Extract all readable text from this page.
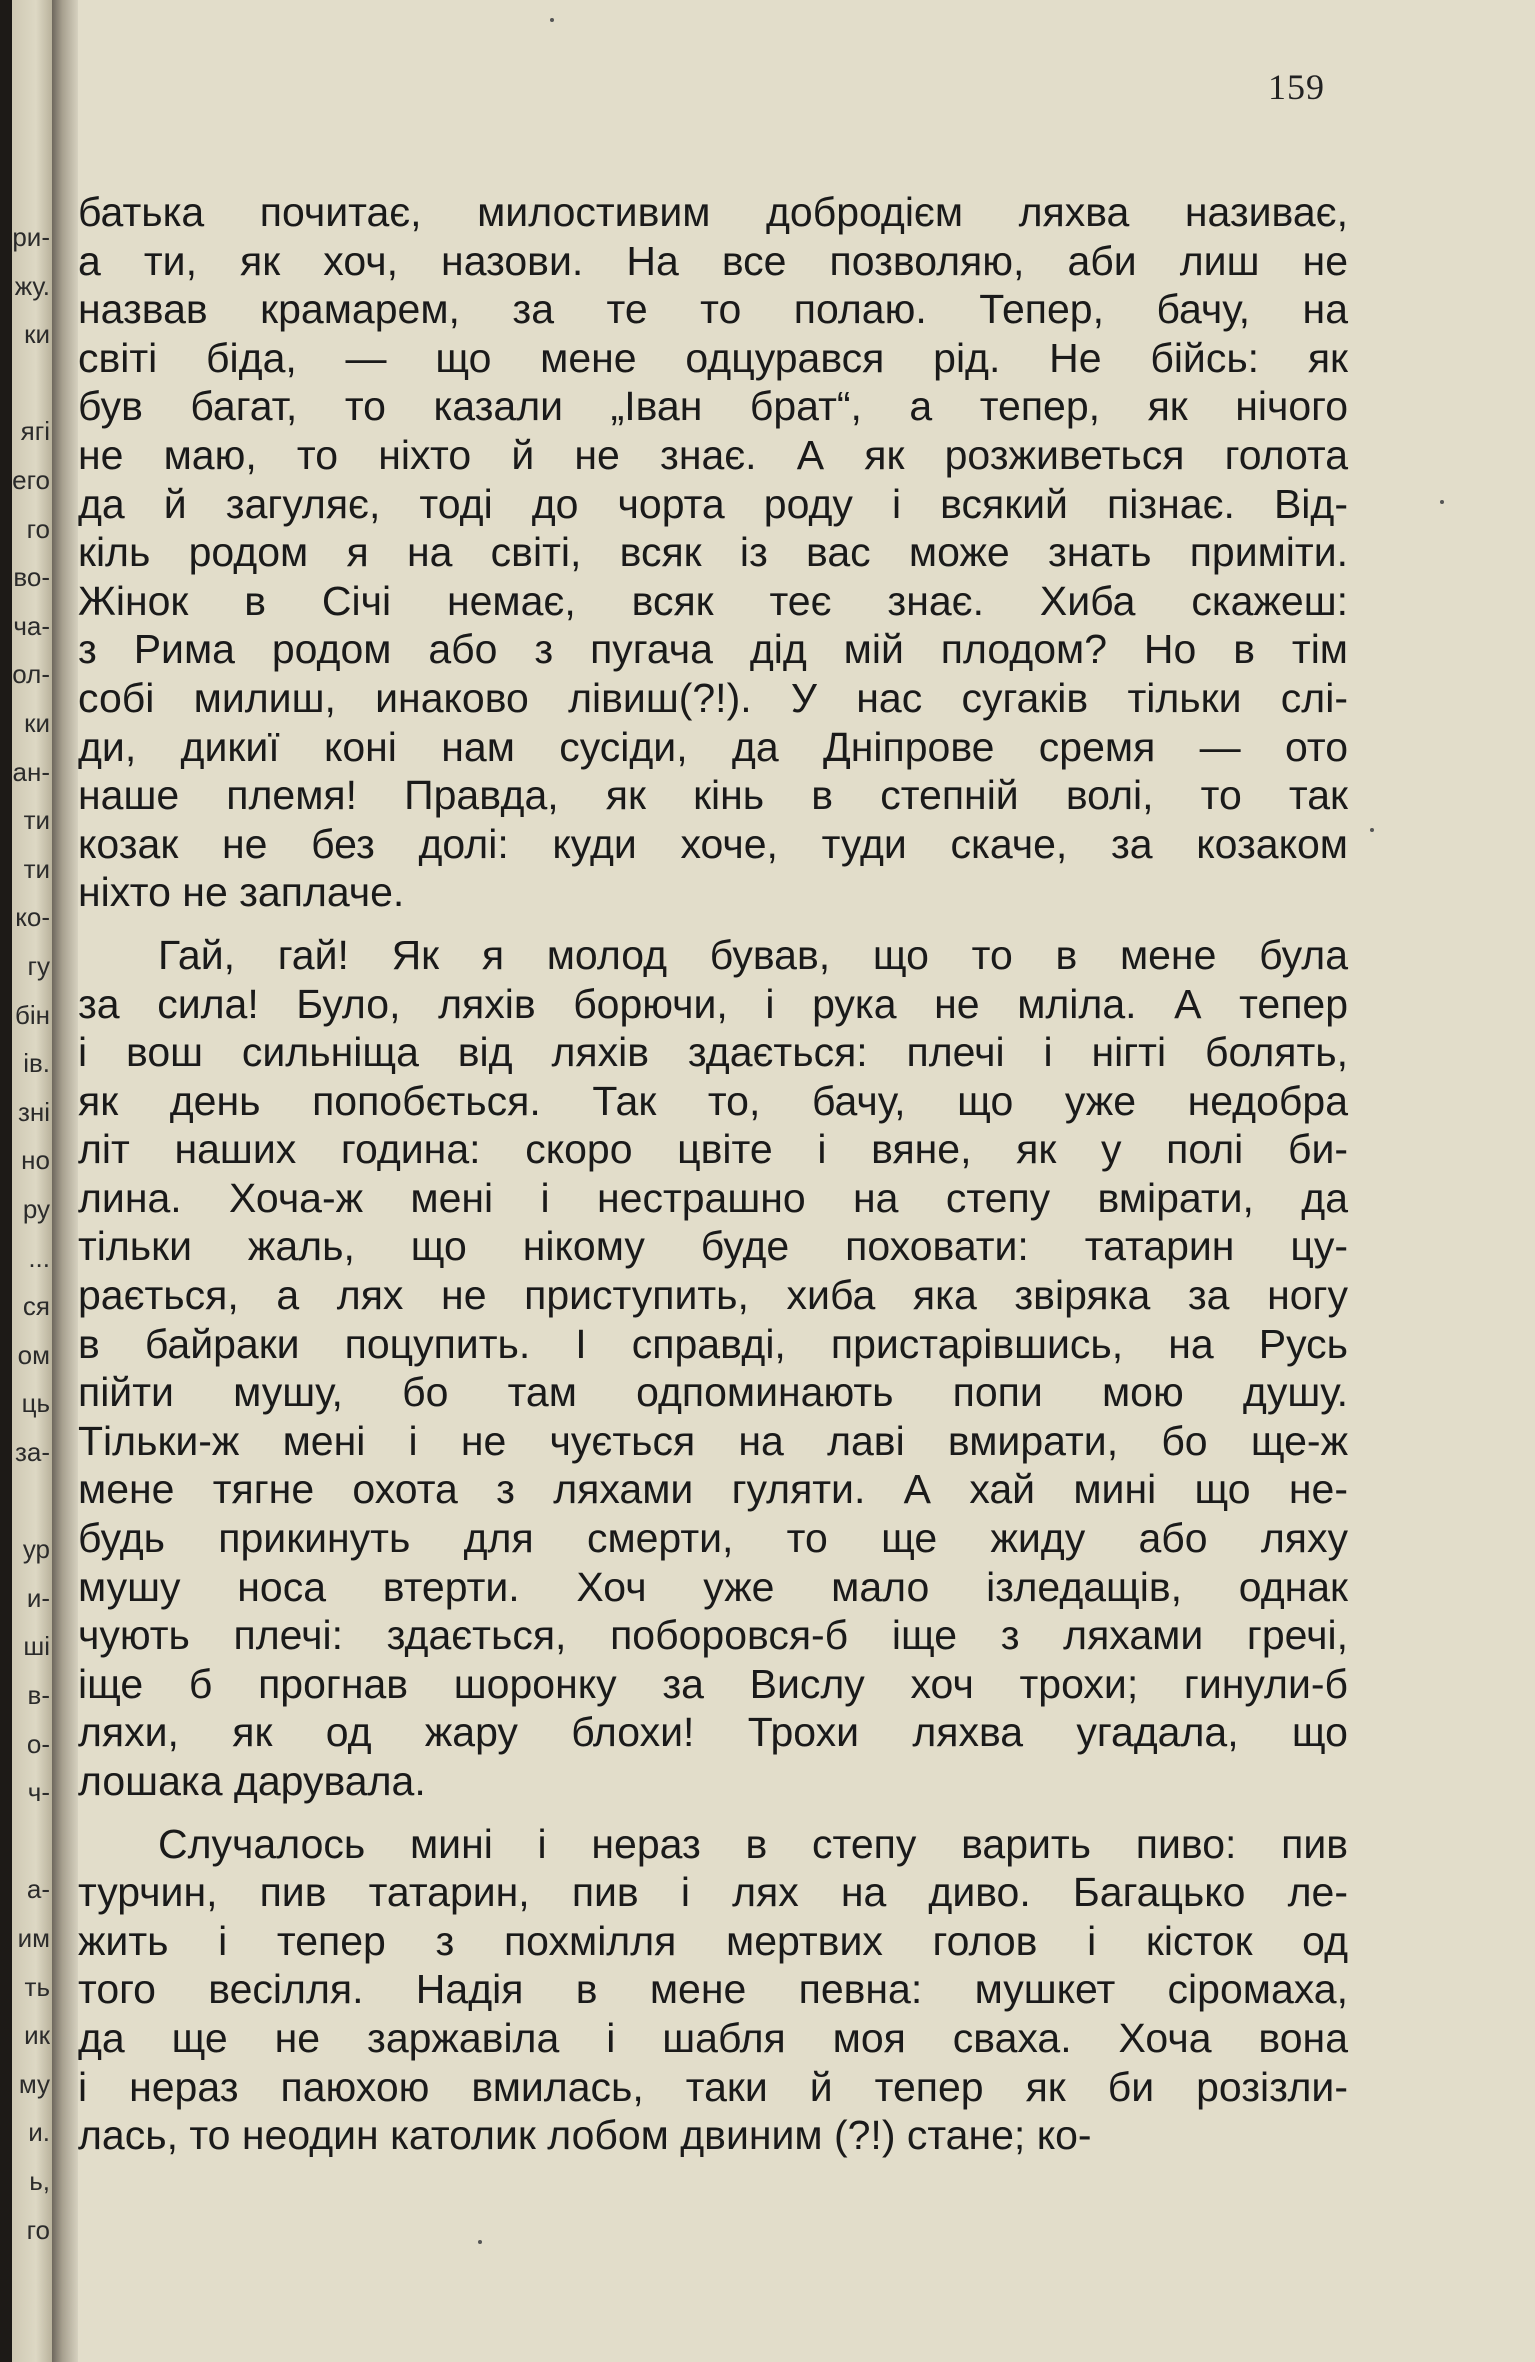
ри-
жу.
ки
ягі
его
го
во-
ча-
ол-
ки
ан-
ти
ти
ко-
гу
бін
ів.
зні
но
ру
...
ся
ом
ць
за-
ур
и-
ші
в-
о-
ч-
а-
им
ть
ик
му
и.
ь,
го
159
батька почитає, милостивим добродієм ляхва називає,
а ти, як хоч, назови. На все позволяю, аби лиш не
назвав крамарем, за те то полаю. Тепер, бачу, на
світі біда, — що мене одцурався рід. Не бійсь: як
був багат, то казали „Іван брат“, а тепер, як нічого
не маю, то ніхто й не знає. А як розживеться голота
да й загуляє, тоді до чорта роду і всякий пізнає. Від-
кіль родом я на світі, всяк із вас може знать приміти.
Жінок в Січі немає, всяк теє знає. Хиба скажеш:
з Рима родом або з пугача дід мій плодом? Но в тім
собі милиш, инаково лівиш(?!). У нас сугаків тільки слі-
ди, дикиї коні нам сусіди, да Дніпрове сремя — ото
наше племя! Правда, як кінь в степній волі, то так
козак не без долі: куди хоче, туди скаче, за козаком
ніхто не заплаче.
Гай, гай! Як я молод бував, що то в мене була
за сила! Було, ляхів борючи, і рука не мліла. А тепер
і вош сильніща від ляхів здається: плечі і нігті болять,
як день попобється. Так то, бачу, що уже недобра
літ наших година: скоро цвіте і вяне, як у полі би-
лина. Хоча-ж мені і нестрашно на степу вмірати, да
тільки жаль, що нікому буде поховати: татарин цу-
рається, а лях не приступить, хиба яка звіряка за ногу
в байраки поцупить. І справді, пристарівшись, на Русь
пійти мушу, бо там одпоминають попи мою душу.
Тільки-ж мені і не чується на лаві вмирати, бо ще-ж
мене тягне охота з ляхами гуляти. А хай мині що не-
будь прикинуть для смерти, то ще жиду або ляху
мушу носа втерти. Хоч уже мало ізледащів, однак
чують плечі: здається, поборовся-б іще з ляхами гречі,
іще б прогнав шоронку за Вислу хоч трохи; гинули-б
ляхи, як од жару блохи! Трохи ляхва угадала, що
лошака дарувала.
Случалось мині і нераз в степу варить пиво: пив
турчин, пив татарин, пив і лях на диво. Багацько ле-
жить і тепер з похмілля мертвих голов і кісток од
того весілля. Надія в мене певна: мушкет сіромаха,
да ще не заржавіла і шабля моя сваха. Хоча вона
і нераз паюхою вмилась, таки й тепер як би розізли-
лась, то неодин католик лобом двиним (?!) стане; ко-
